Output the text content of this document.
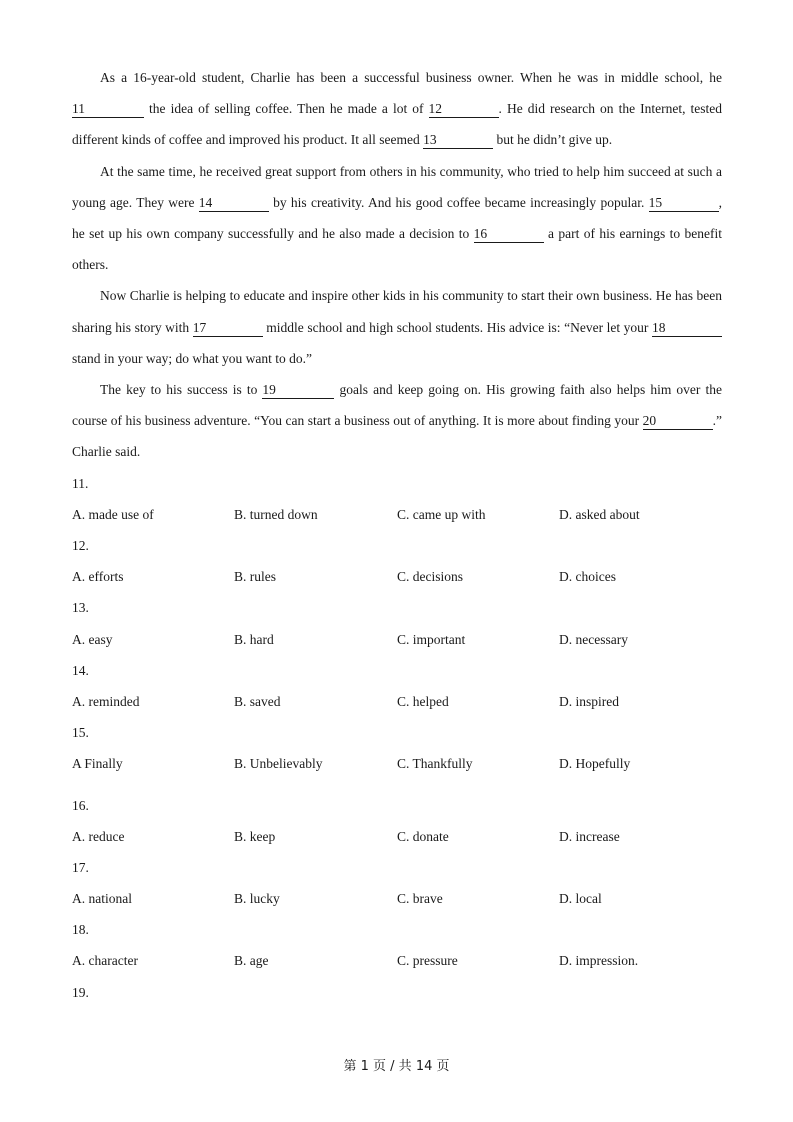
As a 16-year-old student, Charlie has been a successful business owner. When he was in middle school, he 11	the idea of selling coffee. Then he made a lot of 12	. He did research on the Internet, tested different kinds of coffee and improved his product. It all seemed 13	but he didn’t give up.

At the same time, he received great support from others in his community, who tried to help him succeed at such a young age. They were 14	by his creativity. And his good coffee became increasingly popular. 15	, he set up his own company successfully and he also made a decision to 16	a part of his earnings to benefit others.

Now Charlie is helping to educate and inspire other kids in his community to start their own business. He has been sharing his story with 17	middle school and high school students. His advice is: “Never let your 18 stand in your way; do what you want to do.”

The key to his success is to 19	goals and keep going on. His growing faith also helps him over the course of his business adventure. “You can start a business out of anything. It is more about finding your 20	.” Charlie said.

11.
A. made use of	B. turned down	C. came up with	D. asked about
12.
A. efforts	B. rules	C. decisions	D. choices
13.
A. easy	B. hard	C. important	D. necessary
14.
A. reminded	B. saved	C. helped	D. inspired
15.
A Finally	B. Unbelievably	C. Thankfully	D. Hopefully
16.
A. reduce	B. keep	C. donate	D. increase
17.
A. national	B. lucky	C. brave	D. local
18.
A. character	B. age	C. pressure	D. impression.
19.
第 1 页 / 共 14 页
